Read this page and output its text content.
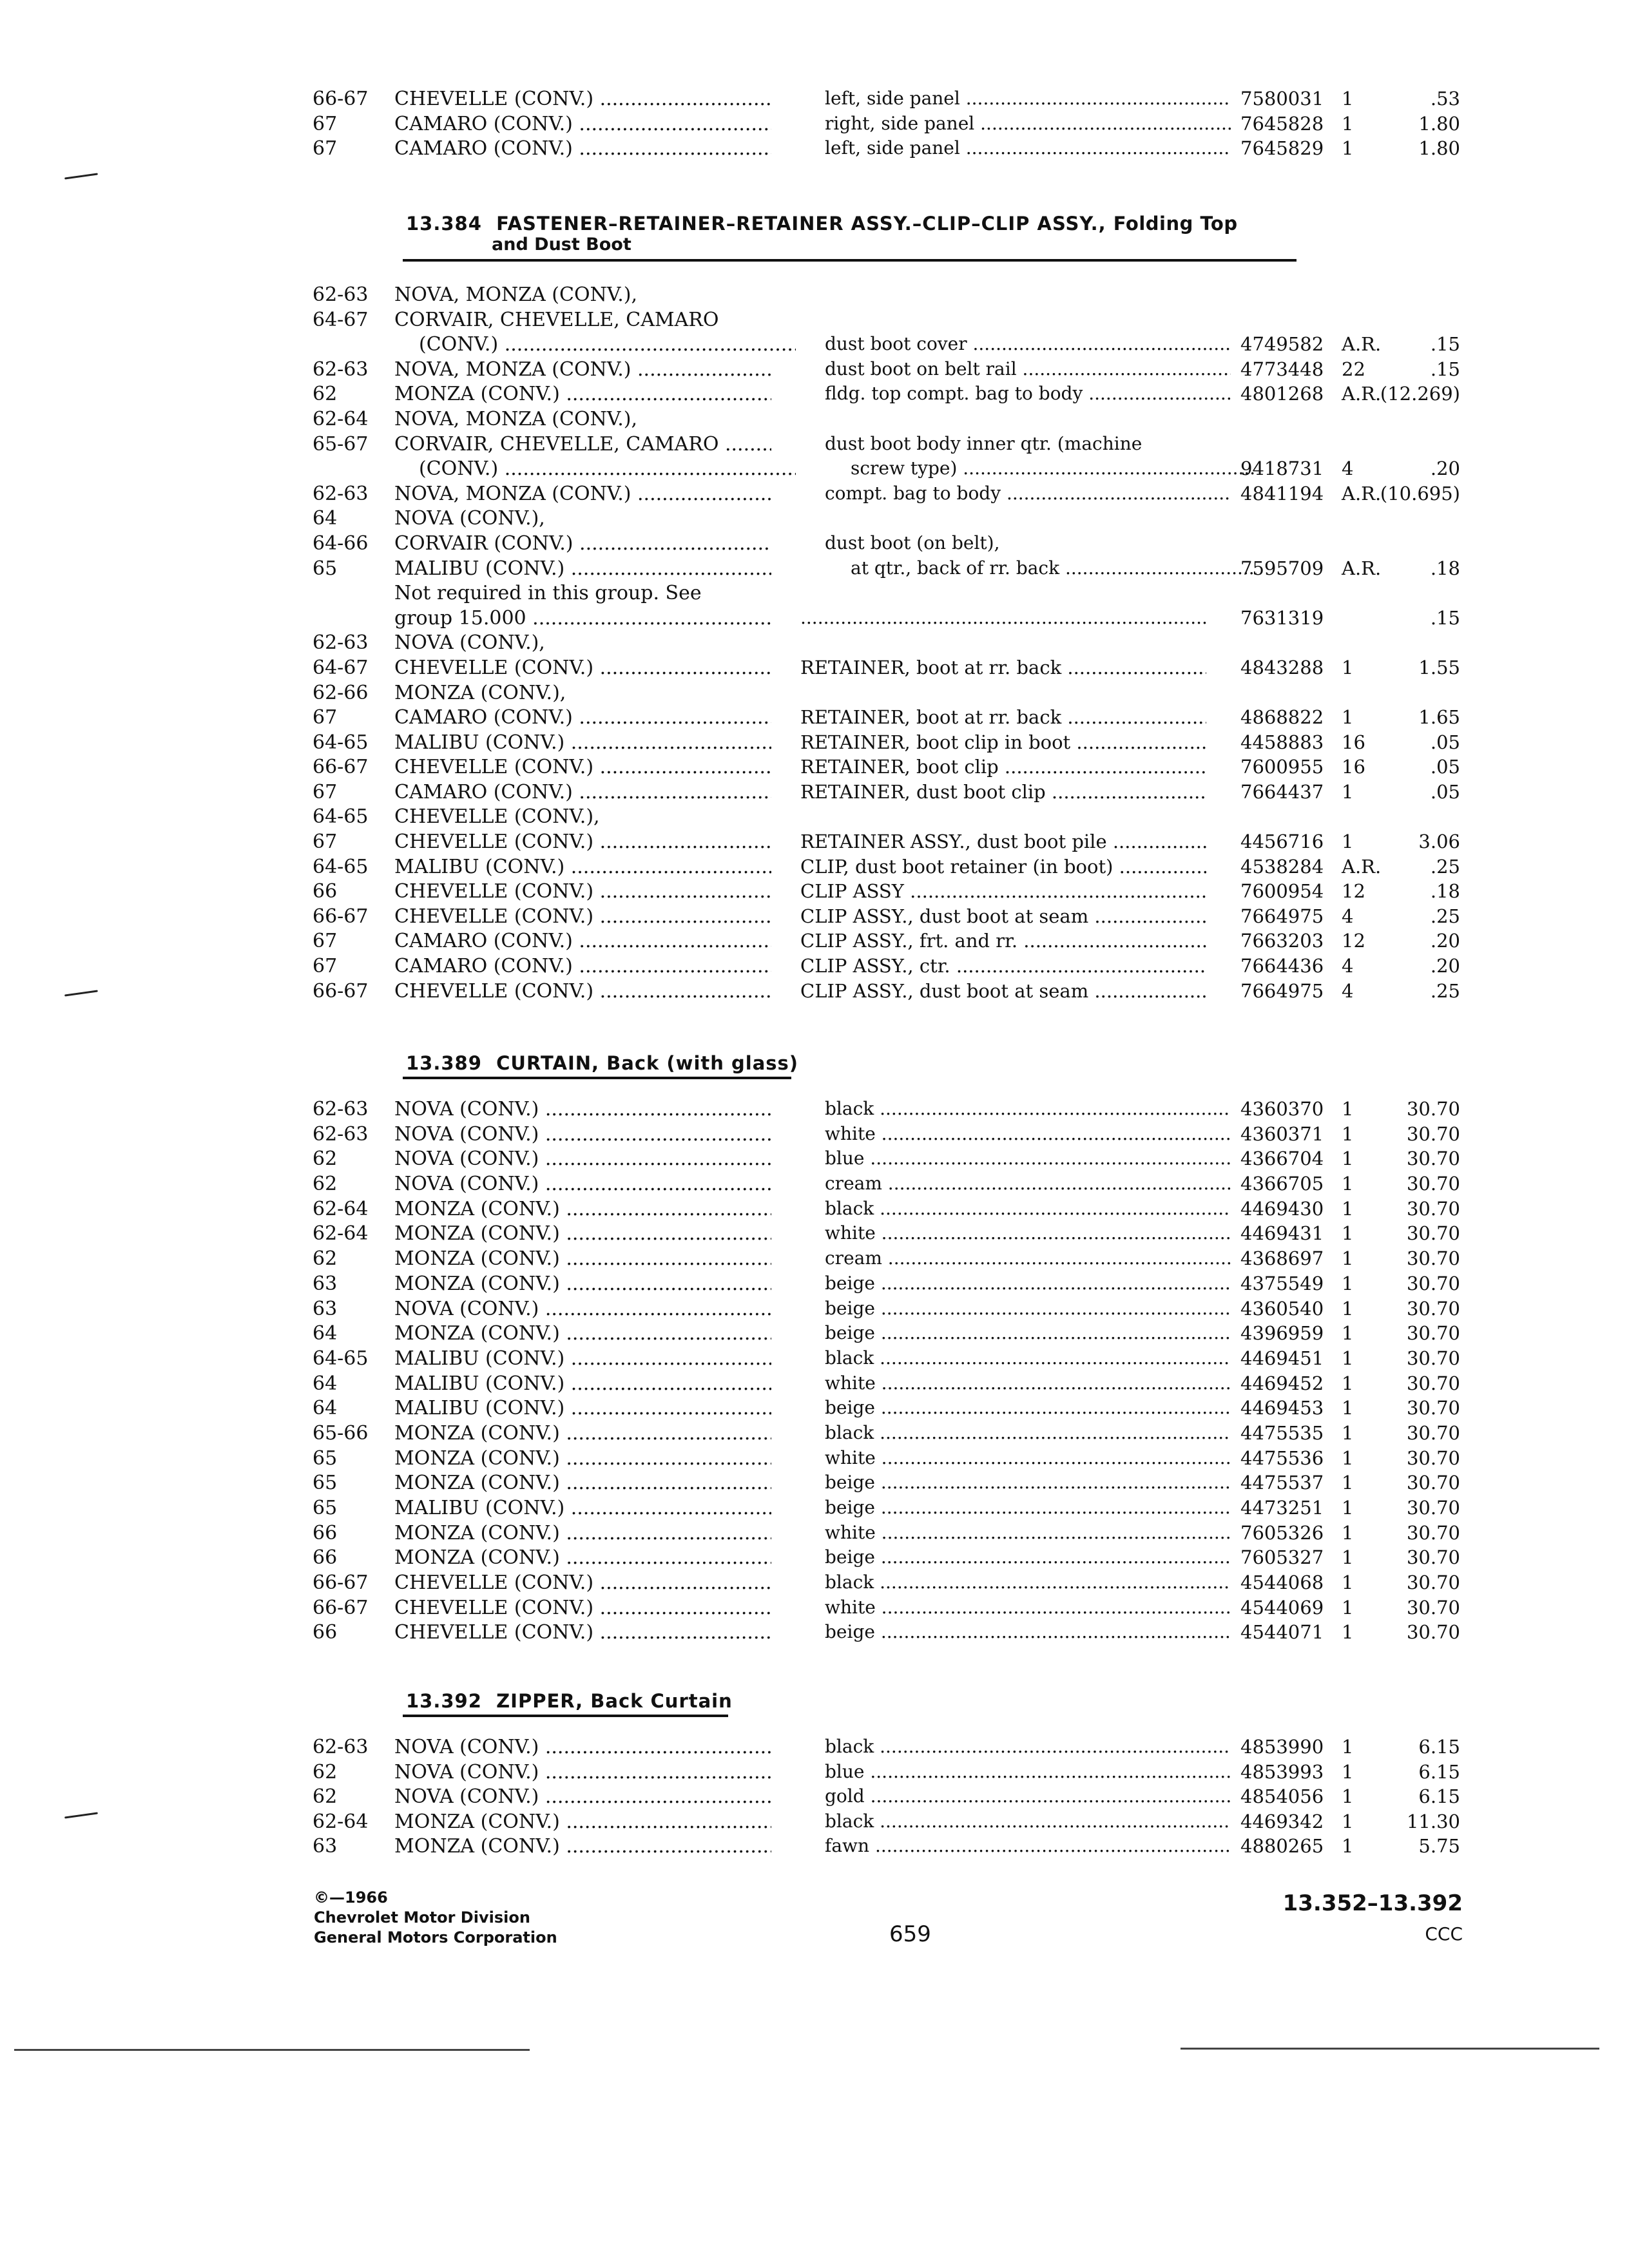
66-67 CHEVELLE (CONV.) .....	left, side panel .....	7580031 1	.53
67	CAMARO (CONV.) .....	right, side panel .....	7645828 1	1.80
67	CAMARO (CONV.) .....	left, side panel .....	7645829 1	1.80
13.384 FASTENER–RETAINER–RETAINER ASSY.–CLIP–CLIP ASSY., Folding Top
and Dust Boot
62-63 NOVA, MONZA (CONV.),
64-67 CORVAIR, CHEVELLE, CAMARO
(CONV.) .....	dust boot cover .....	4749582 A.R.	.15
62-63 NOVA, MONZA (CONV.) .....	dust boot on belt rail .....	4773448 22	.15
62	MONZA (CONV.) .....	fldg. top compt. bag to body .....	4801268 A.R.
(12.269)
62-64 NOVA, MONZA (CONV.),
65-67 CORVAIR, CHEVELLE, CAMARO .....	dust boot body inner qtr. (machine
(CONV.) .....	screw type) .....	9418731 4	.20
62-63 NOVA, MONZA (CONV.) .....	compt. bag to body .....	4841194 A.R.
(10.695)
64	NOVA (CONV.),
64-66 CORVAIR (CONV.) .....	dust boot (on belt),
65	MALIBU (CONV.) .....	at qtr., back of rr. back .....	7595709 A.R.	.18
Not required in this group. See
group 15.000 .....
.....	7631319	.15
62-63 NOVA (CONV.),
64-67 CHEVELLE (CONV.) .....	RETAINER, boot at rr. back .....	4843288 1	1.55
62-66 MONZA (CONV.),
67	CAMARO (CONV.) .....	RETAINER, boot at rr. back .....	4868822 1	1.65
64-65 MALIBU (CONV.) .....	RETAINER, boot clip in boot .....	4458883 16	.05
66-67 CHEVELLE (CONV.) .....	RETAINER, boot clip .....	7600955 16	.05
67	CAMARO (CONV.) .....	RETAINER, dust boot clip .....	7664437 1	.05
64-65 CHEVELLE (CONV.),
67	CHEVELLE (CONV.) .....	RETAINER ASSY., dust boot pile .....	4456716 1	3.06
64-65 MALIBU (CONV.) .....	CLIP, dust boot retainer (in boot) .....	4538284 A.R.	.25
66	CHEVELLE (CONV.) .....	CLIP ASSY .....	7600954 12	.18
66-67 CHEVELLE (CONV.) .....	CLIP ASSY., dust boot at seam .....	7664975 4	.25
67	CAMARO (CONV.) .....	CLIP ASSY., frt. and rr. .....	7663203 12	.20
67	CAMARO (CONV.) .....	CLIP ASSY., ctr. .....	7664436 4	.20
66-67 CHEVELLE (CONV.) .....	CLIP ASSY., dust boot at seam .....	7664975 4	.25
13.389 CURTAIN, Back (with glass)
62-63 NOVA (CONV.) .....	black .....	4360370 1	30.70
62-63 NOVA (CONV.) .....	white .....	4360371 1	30.70
62	NOVA (CONV.) .....	blue .....	4366704 1	30.70
62	NOVA (CONV.) .....	cream .....	4366705 1	30.70
62-64 MONZA (CONV.) .....	black .....	4469430 1	30.70
62-64 MONZA (CONV.) .....	white .....	4469431 1	30.70
62	MONZA (CONV.) .....	cream .....	4368697 1	30.70
63	MONZA (CONV.) .....	beige .....	4375549 1	30.70
63	NOVA (CONV.) .....	beige .....	4360540 1	30.70
64	MONZA (CONV.) .....	beige .....	4396959 1	30.70
64-65 MALIBU (CONV.) .....	black .....	4469451 1	30.70
64	MALIBU (CONV.) .....	white .....	4469452 1	30.70
64	MALIBU (CONV.) .....	beige .....	4469453 1	30.70
65-66 MONZA (CONV.) .....	black .....	4475535 1	30.70
65	MONZA (CONV.) .....	white .....	4475536 1	30.70
65	MONZA (CONV.) .....	beige .....	4475537 1	30.70
65	MALIBU (CONV.) .....	beige .....	4473251 1	30.70
66	MONZA (CONV.) .....	white .....	7605326 1	30.70
66	MONZA (CONV.) .....	beige .....	7605327 1	30.70
66-67 CHEVELLE (CONV.) .....	black .....	4544068 1	30.70
66-67 CHEVELLE (CONV.) .....	white .....	4544069 1	30.70
66	CHEVELLE (CONV.) .....	beige .....	4544071 1	30.70
13.392 ZIPPER, Back Curtain
62-63 NOVA (CONV.) .....	black .....	4853990 1	6.15
62	NOVA (CONV.) .....	blue .....	4853993 1	6.15
62	NOVA (CONV.) .....	gold .....	4854056 1	6.15
62-64 MONZA (CONV.) .....	black .....	4469342 1	11.30
63	MONZA (CONV.) .....	fawn .....	4880265 1	5.75
©—1966
Chevrolet Motor Division
General Motors Corporation	659
13.352–13.392
CCC
